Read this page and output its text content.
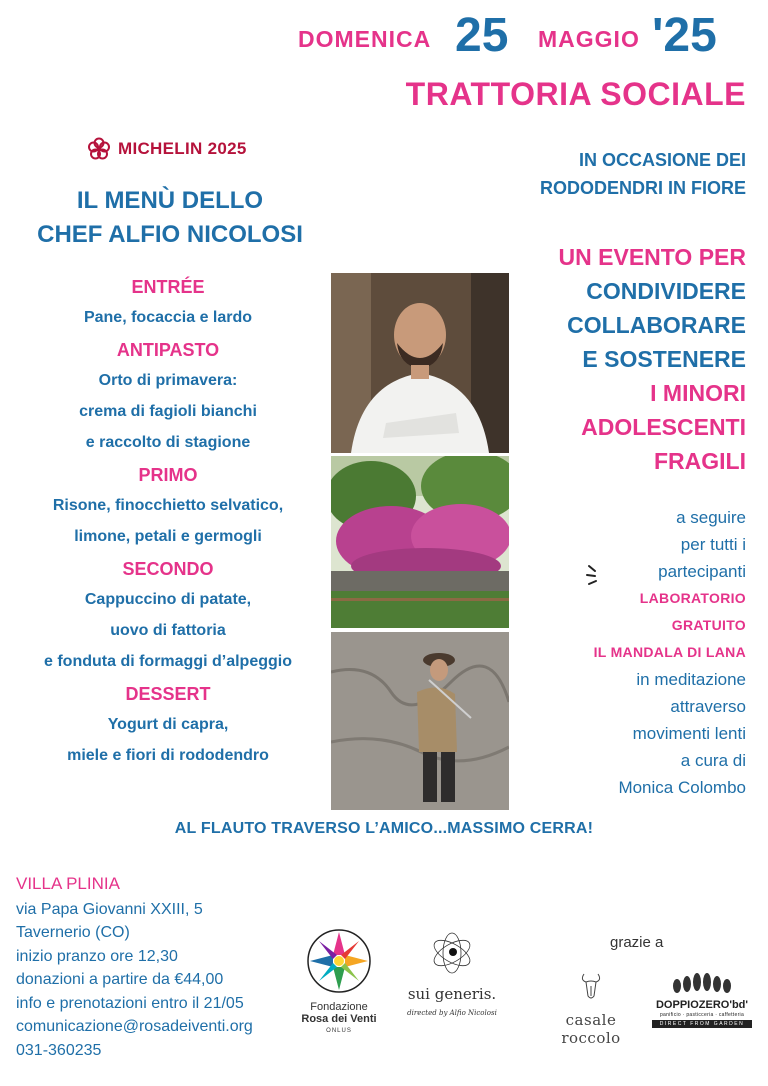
DOMENICA 25 MAGGIO '25
TRATTORIA SOCIALE
MICHELIN 2025
IL MENÙ DELLO
CHEF ALFIO NICOLOSI
ENTRÉE
Pane, focaccia e lardo
ANTIPASTO
Orto di primavera:
crema di fagioli bianchi
e raccolto di stagione
PRIMO
Risone, finocchietto selvatico,
limone, petali e germogli
SECONDO
Cappuccino di patate,
uovo di fattoria
e fonduta di formaggi d’alpeggio
DESSERT
Yogurt di capra,
miele e fiori di rododendro
IN OCCASIONE DEI
RODODENDRI IN FIORE
UN EVENTO PER
CONDIVIDERE
COLLABORARE
E SOSTENERE
I MINORI
ADOLESCENTI
FRAGILI
a seguire
per tutti i
partecipanti
LABORATORIO
GRATUITO
IL MANDALA DI LANA
in meditazione
attraverso
movimenti lenti
a cura di
Monica Colombo
AL FLAUTO TRAVERSO L’AMICO...MASSIMO CERRA!
VILLA PLINIA
via Papa Giovanni XXIII, 5
Tavernerio (CO)
inizio pranzo ore 12,30
donazioni a partire da €44,00
info e prenotazioni entro il 21/05
comunicazione@rosadeiventi.org
031-360235
grazie a
Fondazione
Rosa dei Venti
ONLUS
sui generis.
directed by Alfio Nicolosi	casale roccolo
DOPPIOZERO'bd'
panificio · pasticceria · caffetteria
DIRECT FROM GARDEN
